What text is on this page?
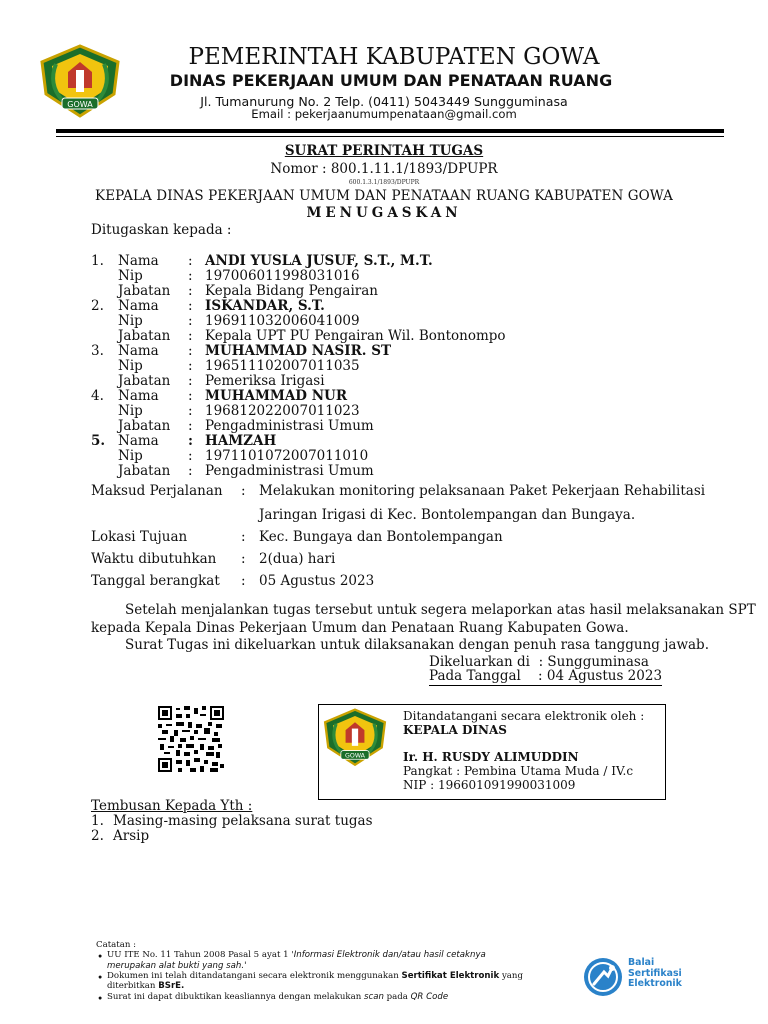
GOWA
PEMERINTAH KABUPATEN GOWA
DINAS PEKERJAAN UMUM DAN PENATAAN RUANG
Jl. Tumanurung No. 2 Telp. (0411) 5043449 Sungguminasa
Email : pekerjaanumumpenataan@gmail.com
SURAT PERINTAH TUGAS
Nomor : 800.1.11.1/1893/DPUPR
600.1.3.1/1893/DPUPR
KEPALA DINAS PEKERJAAN UMUM DAN PENATAAN RUANG KABUPATEN GOWA
MENUGASKAN
Ditugaskan kepada :
1. Nama : ANDI YUSLA JUSUF, S.T., M.T.
Nip	: 197006011998031016
Jabatan : Kepala Bidang Pengairan
2. Nama : ISKANDAR, S.T.
Nip	: 196911032006041009
Jabatan : Kepala UPT PU Pengairan Wil. Bontonompo
3. Nama : MUHAMMAD NASIR. ST
Nip	: 196511102007011035
Jabatan : Pemeriksa Irigasi
4. Nama : MUHAMMAD NUR
Nip	: 196812022007011023
Jabatan : Pengadministrasi Umum
5. Nama : HAMZAH
Nip	: 1971101072007011010
Jabatan : Pengadministrasi Umum
Maksud Perjalanan : Melakukan monitoring pelaksanaan Paket Pekerjaan Rehabilitasi
Jaringan Irigasi di Kec. Bontolempangan dan Bungaya.
Lokasi Tujuan	: Kec. Bungaya dan Bontolempangan
Waktu dibutuhkan : 2(dua) hari
Tanggal berangkat : 05 Agustus 2023
Setelah menjalankan tugas tersebut untuk segera melaporkan atas hasil melaksanakan SPT
kepada Kepala Dinas Pekerjaan Umum dan Penataan Ruang Kabupaten Gowa.
Surat Tugas ini dikeluarkan untuk dilaksanakan dengan penuh rasa tanggung jawab.
Dikeluarkan di  : Sungguminasa
Pada Tanggal    : 04 Agustus 2023
GOWA
Ditandatangani secara elektronik oleh :
KEPALA DINAS
Ir. H. RUSDY ALIMUDDIN
Pangkat : Pembina Utama Muda / IV.c
NIP : 196601091990031009
Tembusan Kepada Yth :
1. Masing-masing pelaksana surat tugas
2. Arsip
Catatan :
● UU ITE No. 11 Tahun 2008 Pasal 5 ayat 1 'Informasi Elektronik dan/atau hasil cetaknya
merupakan alat bukti yang sah.'
● Dokumen ini telah ditandatangani secara elektronik menggunakan Sertifikat Elektronik yang
diterbitkan BSrE.
● Surat ini dapat dibuktikan keasliannya dengan melakukan scan pada QR Code
Balai
Sertifikasi
Elektronik
